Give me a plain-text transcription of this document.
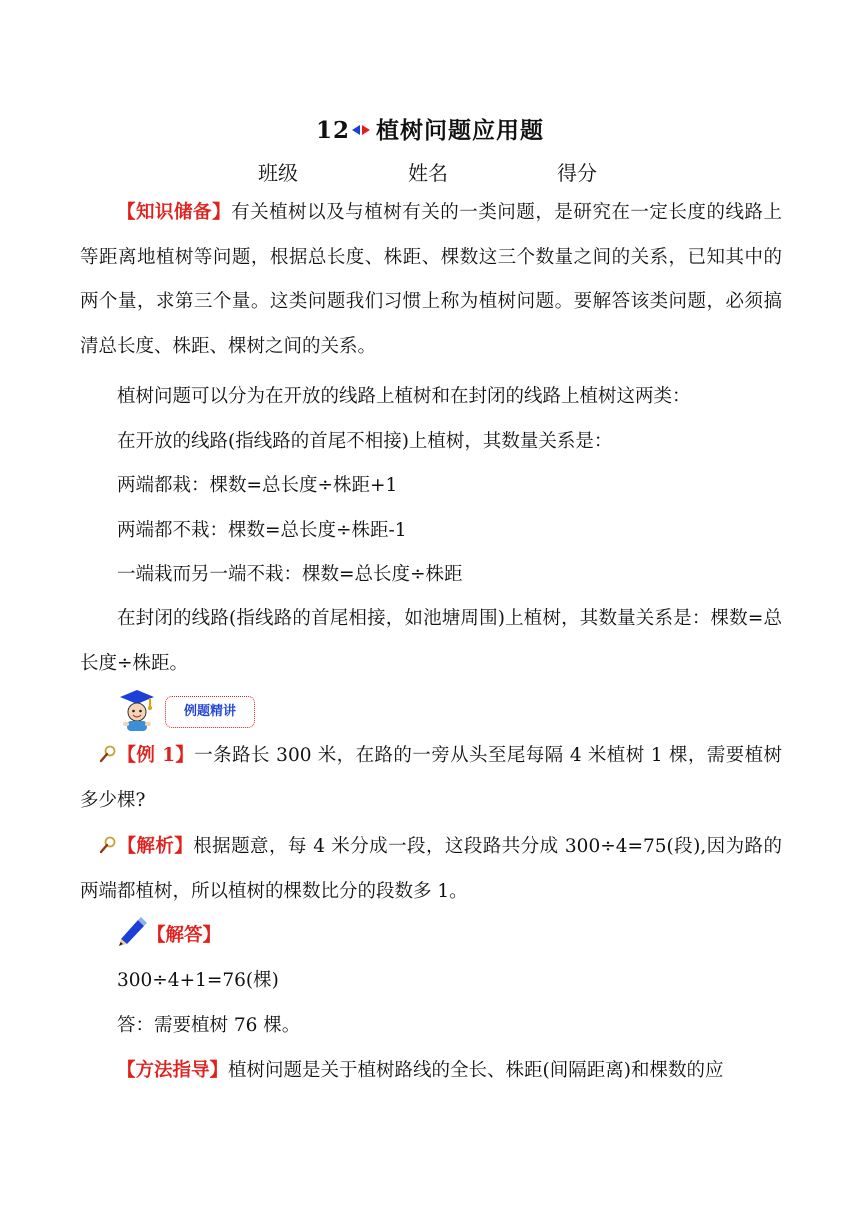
12 植树问题应用题
班级	姓名	得分

【知识储备】有关植树以及与植树有关的一类问题，是研究在一定长度的线路上　等距离地植树等问题，根据总长度、株距、棵数这三个数量之间的关系，已知其中的两个量，求第三个量。这类问题我们习惯上称为植树问题。要解答该类问题，必须搞清总长度、株距、棵树之间的关系。

植树问题可以分为在开放的线路上植树和在封闭的线路上植树这两类：
在开放的线路(指线路的首尾不相接)上植树，其数量关系是：
两端都栽：棵数=总长度÷株距+1
两端都不栽：棵数=总长度÷株距-1
一端栽而另一端不栽：棵数=总长度÷株距

在封闭的线路(指线路的首尾相接，如池塘周围)上植树，其数量关系是：棵数=总长度÷株距。

例题精讲

【例 1】一条路长 300 米，在路的一旁从头至尾每隔 4 米植树 1 棵，需要植树多少棵?

【解析】根据题意，每 4 米分成一段，这段路共分成 300÷4=75(段),因为路的两端都植树，所以植树的棵数比分的段数多 1。

【解答】
300÷4+1=76(棵)
答：需要植树 76 棵。

【方法指导】植树问题是关于植树路线的全长、株距(间隔距离)和棵数的应
